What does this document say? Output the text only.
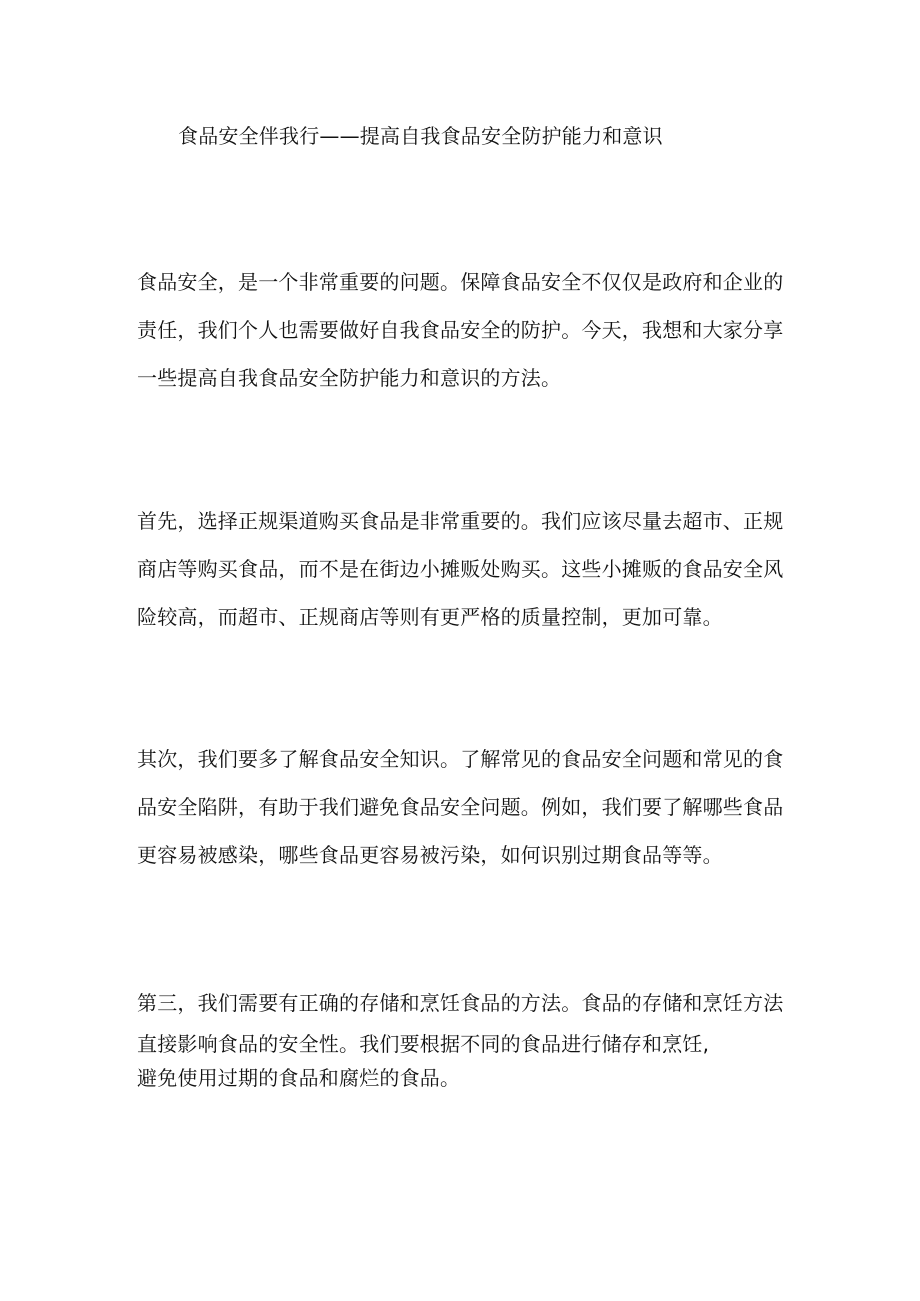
食品安全伴我行——提高自我食品安全防护能力和意识
食品安全，是一个非常重要的问题。保障食品安全不仅仅是政府和企业的
责任，我们个人也需要做好自我食品安全的防护。今天，我想和大家分享
一些提高自我食品安全防护能力和意识的方法。
首先，选择正规渠道购买食品是非常重要的。我们应该尽量去超市、正规
商店等购买食品，而不是在街边小摊贩处购买。这些小摊贩的食品安全风
险较高，而超市、正规商店等则有更严格的质量控制，更加可靠。
其次，我们要多了解食品安全知识。了解常见的食品安全问题和常见的食
品安全陷阱，有助于我们避免食品安全问题。例如，我们要了解哪些食品
更容易被感染，哪些食品更容易被污染，如何识别过期食品等等。
第三，我们需要有正确的存储和烹饪食品的方法。食品的存储和烹饪方法
直接影响食品的安全性。我们要根据不同的食品进行储存和烹饪,
避免使用过期的食品和腐烂的食品。
